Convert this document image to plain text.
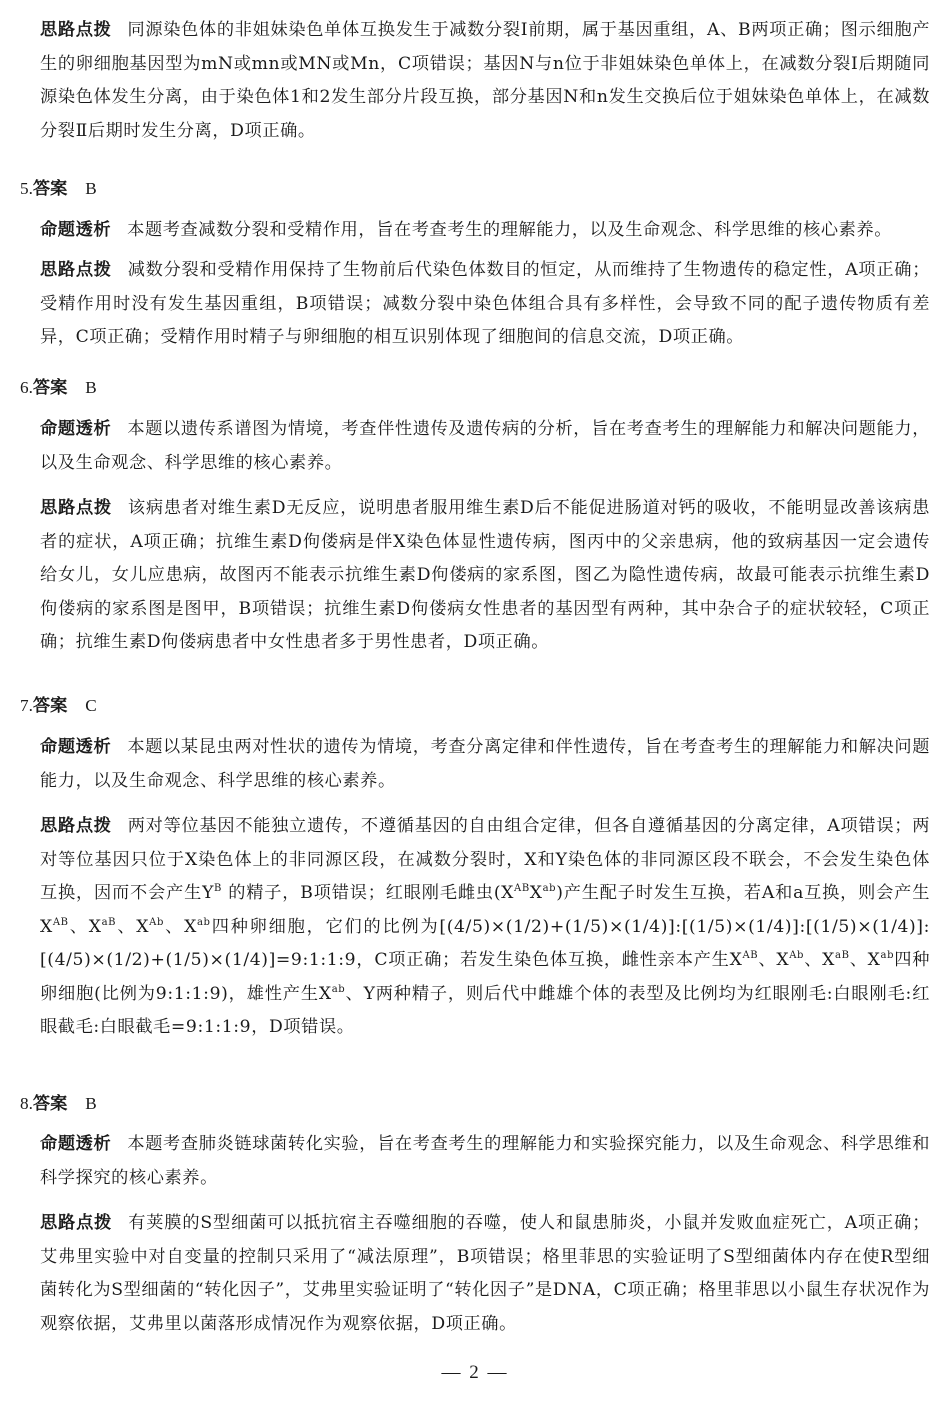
思路点拨 同源染色体的非姐妹染色单体互换发生于减数分裂Ⅰ前期，属于基因重组，A、B两项正确；图示细胞产生的卵细胞基因型为mN或mn或MN或Mn，C项错误；基因N与n位于非姐妹染色单体上，在减数分裂Ⅰ后期随同源染色体发生分离，由于染色体1和2发生部分片段互换，部分基因N和n发生交换后位于姐妹染色单体上，在减数分裂Ⅱ后期时发生分离，D项正确。
5.答案 B
命题透析 本题考查减数分裂和受精作用，旨在考查考生的理解能力，以及生命观念、科学思维的核心素养。
思路点拨 减数分裂和受精作用保持了生物前后代染色体数目的恒定，从而维持了生物遗传的稳定性，A项正确；受精作用时没有发生基因重组，B项错误；减数分裂中染色体组合具有多样性，会导致不同的配子遗传物质有差异，C项正确；受精作用时精子与卵细胞的相互识别体现了细胞间的信息交流，D项正确。
6.答案 B
命题透析 本题以遗传系谱图为情境，考查伴性遗传及遗传病的分析，旨在考查考生的理解能力和解决问题能力，以及生命观念、科学思维的核心素养。
思路点拨 该病患者对维生素D无反应，说明患者服用维生素D后不能促进肠道对钙的吸收，不能明显改善该病患者的症状，A项正确；抗维生素D佝偻病是伴X染色体显性遗传病，图丙中的父亲患病，他的致病基因一定会遗传给女儿，女儿应患病，故图丙不能表示抗维生素D佝偻病的家系图，图乙为隐性遗传病，故最可能表示抗维生素D佝偻病的家系图是图甲，B项错误；抗维生素D佝偻病女性患者的基因型有两种，其中杂合子的症状较轻，C项正确；抗维生素D佝偻病患者中女性患者多于男性患者，D项正确。
7.答案 C
命题透析 本题以某昆虫两对性状的遗传为情境，考查分离定律和伴性遗传，旨在考查考生的理解能力和解决问题能力，以及生命观念、科学思维的核心素养。
思路点拨 两对等位基因不能独立遗传，不遵循基因的自由组合定律，但各自遵循基因的分离定律，A项错误；两对等位基因只位于X染色体上的非同源区段，在减数分裂时，X和Y染色体的非同源区段不联会，不会发生染色体互换，因而不会产生$Y^B$ 的精子，B项错误；红眼刚毛雌虫$(X^{AB}X^{ab})$产生配子时发生互换，若A和a互换，则会产生$X^{AB}$、$X^{aB}$、$X^{Ab}$、$X^{ab}$四种卵细胞，它们的比例为[(4/5)×(1/2)+(1/5)×(1/4)]:[(1/5)×(1/4)]:[(1/5)×(1/4)]:[(4/5)×(1/2)+(1/5)×(1/4)]=9:1:1:9，C项正确；若发生染色体互换，雌性亲本产生$X^{AB}$、$X^{Ab}$、$X^{aB}$、$X^{ab}$四种卵细胞(比例为9:1:1:9)，雄性产生$X^{ab}$、Y两种精子，则后代中雌雄个体的表型及比例均为红眼刚毛:白眼刚毛:红眼截毛:白眼截毛=9:1:1:9，D项错误。
8.答案 B
命题透析 本题考查肺炎链球菌转化实验，旨在考查考生的理解能力和实验探究能力，以及生命观念、科学思维和科学探究的核心素养。
思路点拨 有荚膜的S型细菌可以抵抗宿主吞噬细胞的吞噬，使人和鼠患肺炎，小鼠并发败血症死亡，A项正确；艾弗里实验中对自变量的控制只采用了“减法原理”，B项错误；格里菲思的实验证明了S型细菌体内存在使R型细菌转化为S型细菌的“转化因子”，艾弗里实验证明了“转化因子”是DNA，C项正确；格里菲思以小鼠生存状况作为观察依据，艾弗里以菌落形成情况作为观察依据，D项正确。
— 2 —
